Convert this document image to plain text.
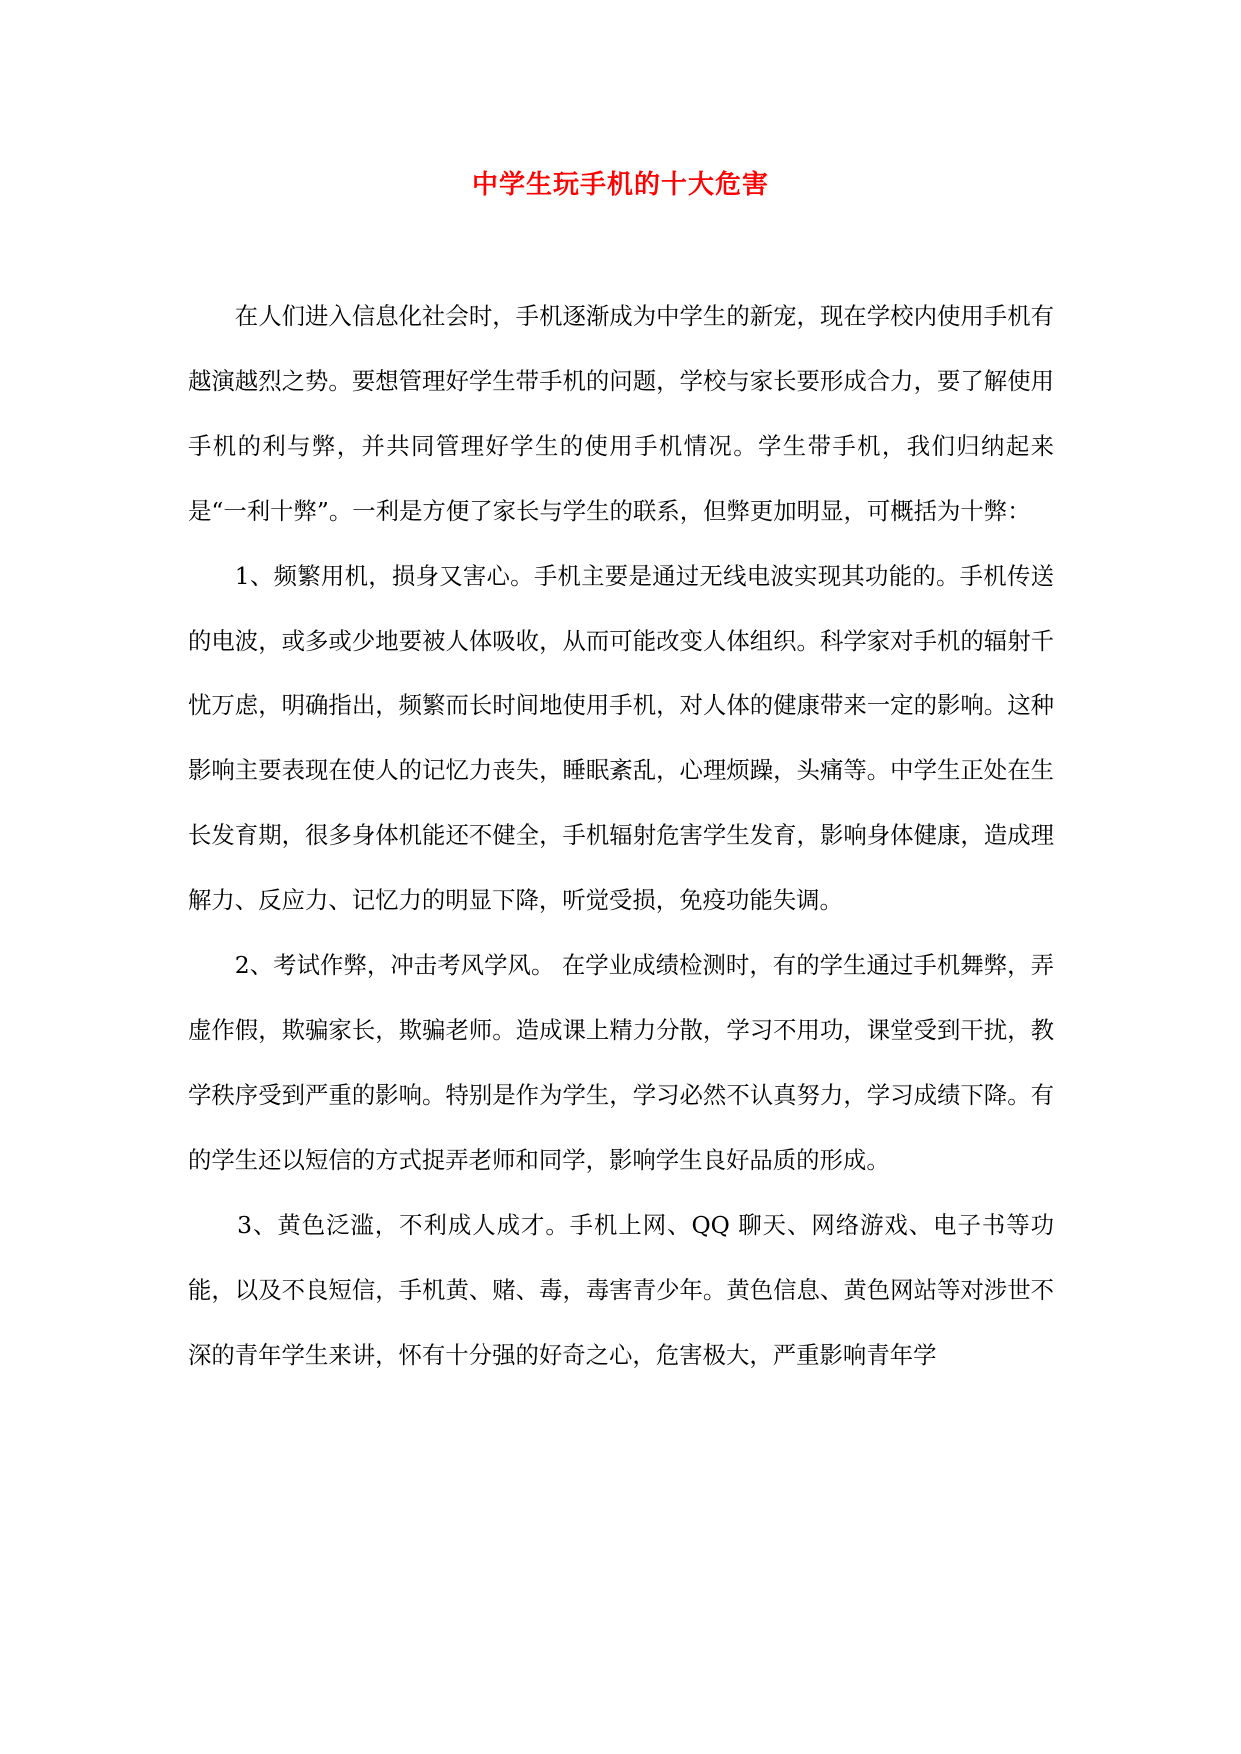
中学生玩手机的十大危害

在人们进入信息化社会时，手机逐渐成为中学生的新宠，现在学校内使用手机有越演越烈之势。要想管理好学生带手机的问题，学校与家长要形成合力，要了解使用手机的利与弊，并共同管理好学生的使用手机情况。学生带手机，我们归纳起来是“一利十弊”。一利是方便了家长与学生的联系，但弊更加明显，可概括为十弊：

1、频繁用机，损身又害心。手机主要是通过无线电波实现其功能的。手机传送的电波，或多或少地要被人体吸收，从而可能改变人体组织。科学家对手机的辐射千忧万虑，明确指出，频繁而长时间地使用手机，对人体的健康带来一定的影响。这种影响主要表现在使人的记忆力丧失，睡眠紊乱，心理烦躁，头痛等。中学生正处在生长发育期，很多身体机能还不健全，手机辐射危害学生发育，影响身体健康，造成理解力、反应力、记忆力的明显下降，听觉受损，免疫功能失调。

2、考试作弊，冲击考风学风。 在学业成绩检测时，有的学生通过手机舞弊，弄虚作假，欺骗家长，欺骗老师。造成课上精力分散，学习不用功，课堂受到干扰，教学秩序受到严重的影响。特别是作为学生，学习必然不认真努力，学习成绩下降。有的学生还以短信的方式捉弄老师和同学，影响学生良好品质的形成。

3、黄色泛滥，不利成人成才。手机上网、QQ 聊天、网络游戏、电子书等功能，以及不良短信，手机黄、赌、毒，毒害青少年。黄色信息、黄色网站等对涉世不深的青年学生来讲，怀有十分强的好奇之心，危害极大，严重影响青年学
